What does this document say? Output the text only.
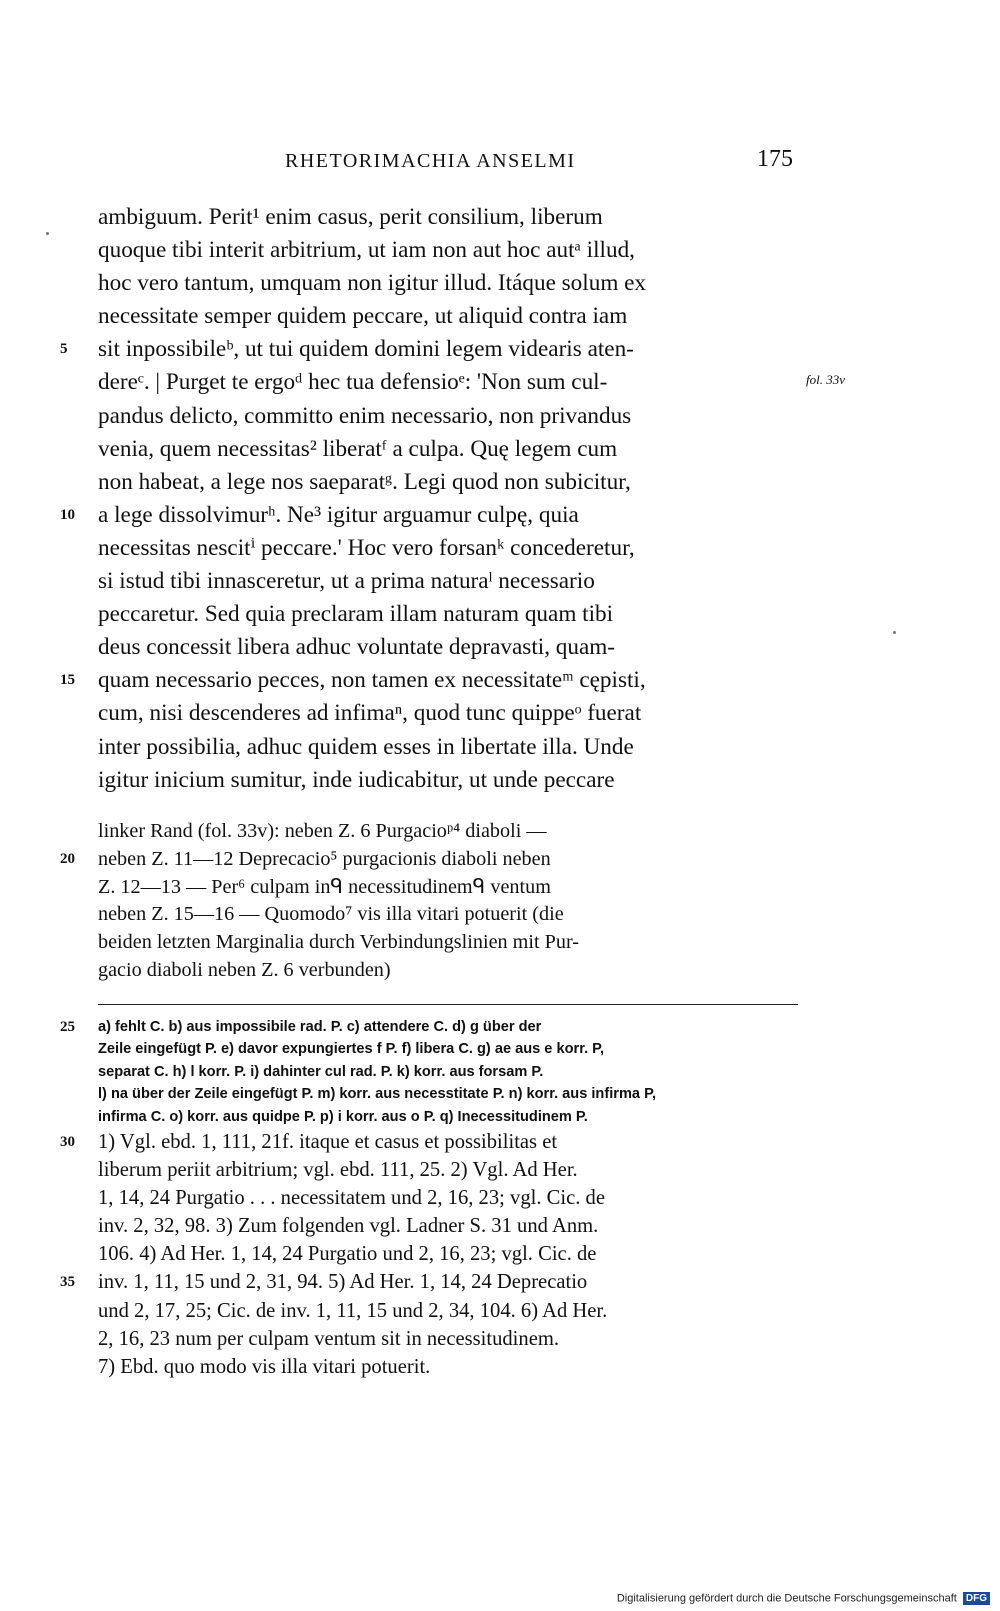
RHETORIMACHIA ANSELMI	175
ambiguum. Perit¹ enim casus, perit consilium, liberum
quoque tibi interit arbitrium, ut iam non aut hoc autᵃ illud,
hoc vero tantum, umquam non igitur illud. Itáque solum ex
necessitate semper quidem peccare, ut aliquid contra iam
5 sit inpossibileᵇ, ut tui quidem domini legem videaris aten-
dereᶜ. | Purget te ergoᵈ hec tua defensioᵉ: 'Non sum cul-
pandus delicto, committo enim necessario, non privandus
venia, quem necessitas² liberatᶠ a culpa. Quę legem cum
non habeat, a lege nos saeparatᵍ. Legi quod non subicitur,
10 a lege dissolvimurʰ. Ne³ igitur arguamur culpę, quia
necessitas nescitⁱ peccare.' Hoc vero forsanᵏ concederetur,
si istud tibi innasceretur, ut a prima naturaˡ necessario
peccaretur. Sed quia preclaram illam naturam quam tibi
deus concessit libera adhuc voluntate depravasti, quam-
15 quam necessario pecces, non tamen ex necessitateᵐ cępisti,
cum, nisi descenderes ad infimaⁿ, quod tunc quippeᵒ fuerat
inter possibilia, adhuc quidem esses in libertate illa. Unde
igitur inicium sumitur, inde iudicabitur, ut unde peccare
fol. 33v
linker Rand (fol. 33v): neben Z. 6 Purgacioᵖ⁴ diaboli —
20 neben Z. 11—12 Deprecacio⁵ purgacionis diaboli neben
Z. 12—13 — Per⁶ culpam inᑫ necessitudinemᑫ ventum
neben Z. 15—16 — Quomodo⁷ vis illa vitari potuerit (die
beiden letzten Marginalia durch Verbindungslinien mit Pur-
gacio diaboli neben Z. 6 verbunden)
25 a) fehlt C. b) aus impossibile rad. P. c) attendere C. d) g über der
Zeile eingefügt P. e) davor expungiertes f P. f) libera C. g) ae aus e korr. P,
separat C. h) l korr. P. i) dahinter cul rad. P. k) korr. aus forsam P.
l) na über der Zeile eingefügt P. m) korr. aus necesstitate P. n) korr. aus infirma P,
infirma C. o) korr. aus quidpe P. p) i korr. aus o P. q) Inecessitudinem P.
30 1) Vgl. ebd. 1, 111, 21f. itaque et casus et possibilitas et
liberum periit arbitrium; vgl. ebd. 111, 25. 2) Vgl. Ad Her.
1, 14, 24 Purgatio . . . necessitatem und 2, 16, 23; vgl. Cic. de
inv. 2, 32, 98. 3) Zum folgenden vgl. Ladner S. 31 und Anm.
106. 4) Ad Her. 1, 14, 24 Purgatio und 2, 16, 23; vgl. Cic. de
35 inv. 1, 11, 15 und 2, 31, 94. 5) Ad Her. 1, 14, 24 Deprecatio
und 2, 17, 25; Cic. de inv. 1, 11, 15 und 2, 34, 104. 6) Ad Her.
2, 16, 23 num per culpam ventum sit in necessitudinem.
7) Ebd. quo modo vis illa vitari potuerit.
Digitalisierung gefördert durch die Deutsche Forschungsgemeinschaft DFG
